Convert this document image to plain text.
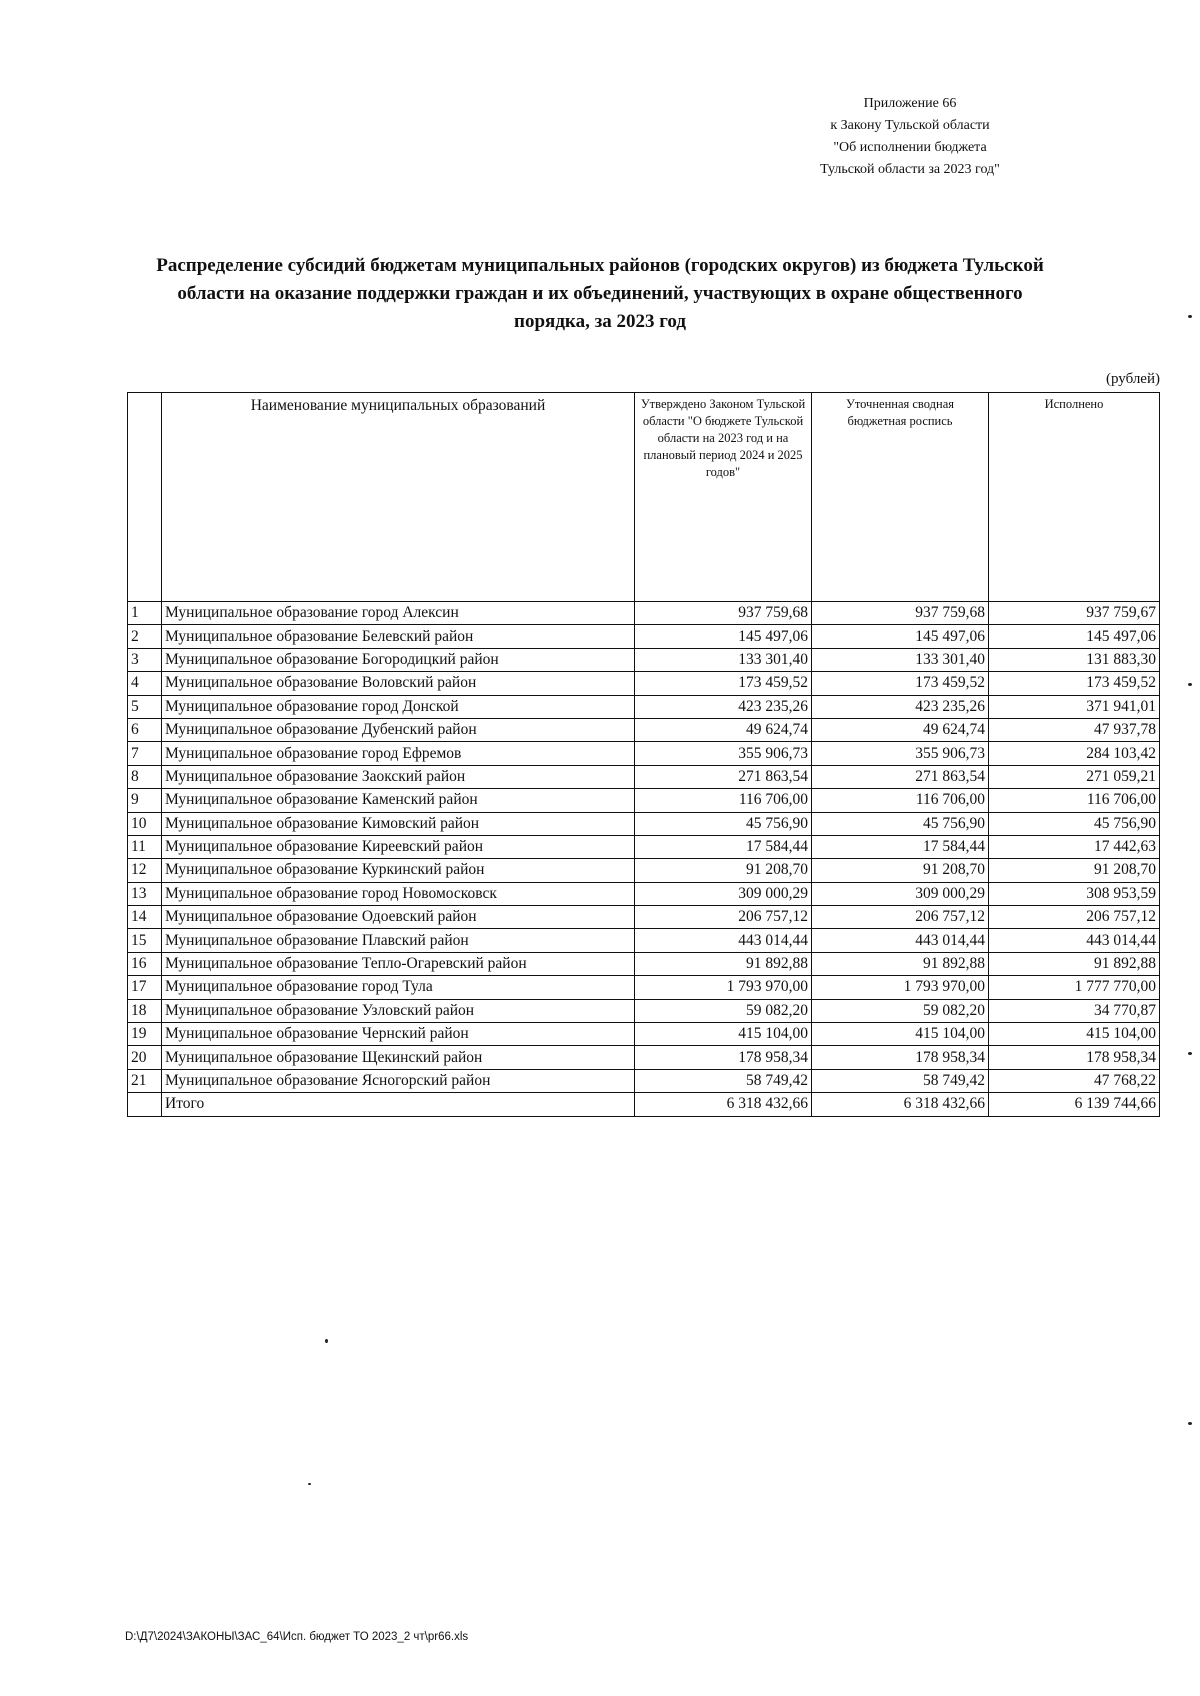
Приложение 66
к Закону Тульской области
"Об исполнении бюджета
Тульской области за 2023 год"
Распределение субсидий бюджетам муниципальных районов (городских округов) из бюджета Тульской
области на оказание поддержки граждан и их объединений, участвующих в охране общественного
порядка, за 2023 год
(рублей)
	Наименование муниципальных образований	Утверждено Законом Тульской области "О бюджете Тульской области на 2023 год и на плановый период 2024 и 2025 годов"	Уточненная сводная бюджетная роспись	Исполнено
1	Муниципальное образование город Алексин	937 759,68	937 759,68	937 759,67
2	Муниципальное образование Белевский район	145 497,06	145 497,06	145 497,06
3	Муниципальное образование Богородицкий район	133 301,40	133 301,40	131 883,30
4	Муниципальное образование Воловский район	173 459,52	173 459,52	173 459,52
5	Муниципальное образование город Донской	423 235,26	423 235,26	371 941,01
6	Муниципальное образование Дубенский район	49 624,74	49 624,74	47 937,78
7	Муниципальное образование город Ефремов	355 906,73	355 906,73	284 103,42
8	Муниципальное образование Заокский район	271 863,54	271 863,54	271 059,21
9	Муниципальное образование Каменский район	116 706,00	116 706,00	116 706,00
10	Муниципальное образование Кимовский район	45 756,90	45 756,90	45 756,90
11	Муниципальное образование Киреевский район	17 584,44	17 584,44	17 442,63
12	Муниципальное образование Куркинский район	91 208,70	91 208,70	91 208,70
13	Муниципальное образование город Новомосковск	309 000,29	309 000,29	308 953,59
14	Муниципальное образование Одоевский район	206 757,12	206 757,12	206 757,12
15	Муниципальное образование Плавский район	443 014,44	443 014,44	443 014,44
16	Муниципальное образование Тепло-Огаревский район	91 892,88	91 892,88	91 892,88
17	Муниципальное образование город Тула	1 793 970,00	1 793 970,00	1 777 770,00
18	Муниципальное образование Узловский район	59 082,20	59 082,20	34 770,87
19	Муниципальное образование Чернский район	415 104,00	415 104,00	415 104,00
20	Муниципальное образование Щекинский район	178 958,34	178 958,34	178 958,34
21	Муниципальное образование Ясногорский район	58 749,42	58 749,42	47 768,22
	Итого	6 318 432,66	6 318 432,66	6 139 744,66
D:\Д7\2024\ЗАКОНЫ\ЗАС_64\Исп. бюджет ТО 2023_2 чт\pr66.xls
